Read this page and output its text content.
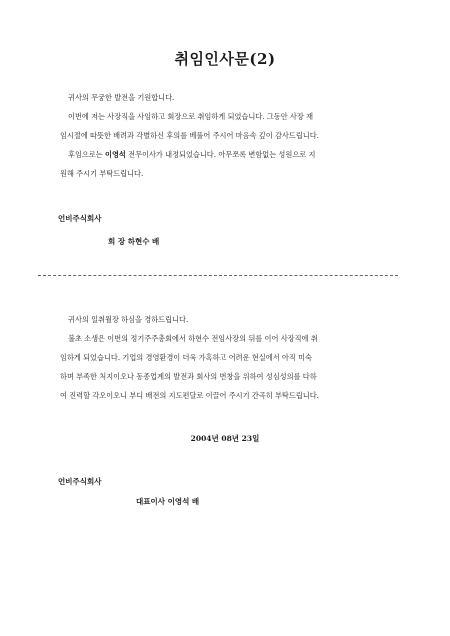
취임인사문(2)

귀사의 무궁한 발전을 기원합니다.

이번에 저는 사장직을 사임하고 회장으로 취임하게 되었습니다. 그동안 사장 재

임시절에 따뜻한 배려과 각별하신 후의를 베풀어 주시어 마음속 깊이 감사드립니다.

후임으로는 이영석 전무이사가 내정되었습니다. 아무쪼록 변함없는 성원으로 지

원해 주시기 부탁드립니다.

언비주식회사
회 장 하현수 배

귀사의 일취월장 하심을 경하드립니다.

불초 소생은 이번의 정기주주총회에서 하현수 전임사장의 뒤를 이어 사장직에 취

임하게 되었습니다. 기업의 경영환경이 더욱 가혹하고 어려운 현실에서 아직 미숙

하며 부족한 처지이오나 동종업계의 발전과 회사의 번창을 위하여 성심성의를 다하

여 진력할 각오이오니 부디 배전의 지도편달로 이끌어 주시기 간곡히 부탁드립니다.

2004년 08년 23일
언비주식회사
대표이사 이영석 배
